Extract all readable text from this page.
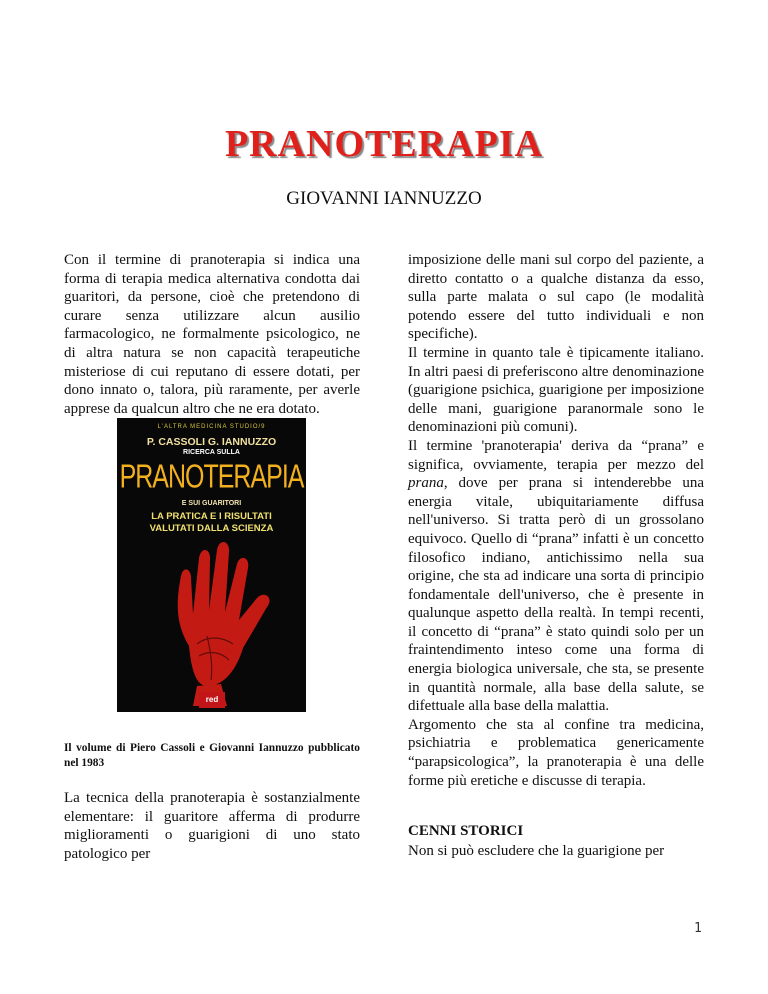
PRANOTERAPIA
GIOVANNI IANNUZZO

Con il termine di pranoterapia si indica una forma di terapia medica alternativa condotta dai guaritori, da persone, cioè che pretendono di curare senza utilizzare alcun ausilio farmacologico, ne formalmente psicologico, ne di altra natura se non capacità terapeutiche misteriose di cui reputano di essere dotati, per dono innato o, talora, più raramente, per averle apprese da qualcun altro che ne era dotato.

L'ALTRA MEDICINA STUDIO/9
P. CASSOLI G. IANNUZZO
RICERCA SULLA
PRANOTERAPIA
E SUI GUARITORI
LA PRATICA E I RISULTATI
VALUTATI DALLA SCIENZA
red
Il volume di Piero Cassoli e Giovanni Iannuzzo pubblicato nel 1983
La tecnica della pranoterapia è sostanzialmente elementare: il guaritore afferma di produrre miglioramenti o guarigioni di uno stato patologico per

imposizione delle mani sul corpo del paziente, a diretto contatto o a qualche distanza da esso, sulla parte malata o sul capo (le modalità potendo essere del tutto individuali e non specifiche).

Il termine in quanto tale è tipicamente italiano. In altri paesi di preferiscono altre denominazione (guarigione psichica, guarigione per imposizione delle mani, guarigione paranormale sono le denominazioni più comuni).

Il termine 'pranoterapia' deriva da “prana” e significa, ovviamente, terapia per mezzo del prana, dove per prana si intenderebbe una energia vitale, ubiquitariamente diffusa nell'universo. Si tratta però di un grossolano equivoco. Quello di “prana” infatti è un concetto filosofico indiano, antichissimo nella sua origine, che sta ad indicare una sorta di principio fondamentale dell'universo, che è presente in qualunque aspetto della realtà. In tempi recenti, il concetto di “prana” è stato quindi solo per un fraintendimento inteso come una forma di energia biologica universale, che sta, se presente in quantità normale, alla base della salute, se difettuale alla base della malattia.

Argomento che sta al confine tra medicina, psichiatria e problematica genericamente “parapsicologica”, la pranoterapia è una delle forme più eretiche e discusse di terapia.

CENNI STORICI
Non si può escludere che la guarigione per
1
